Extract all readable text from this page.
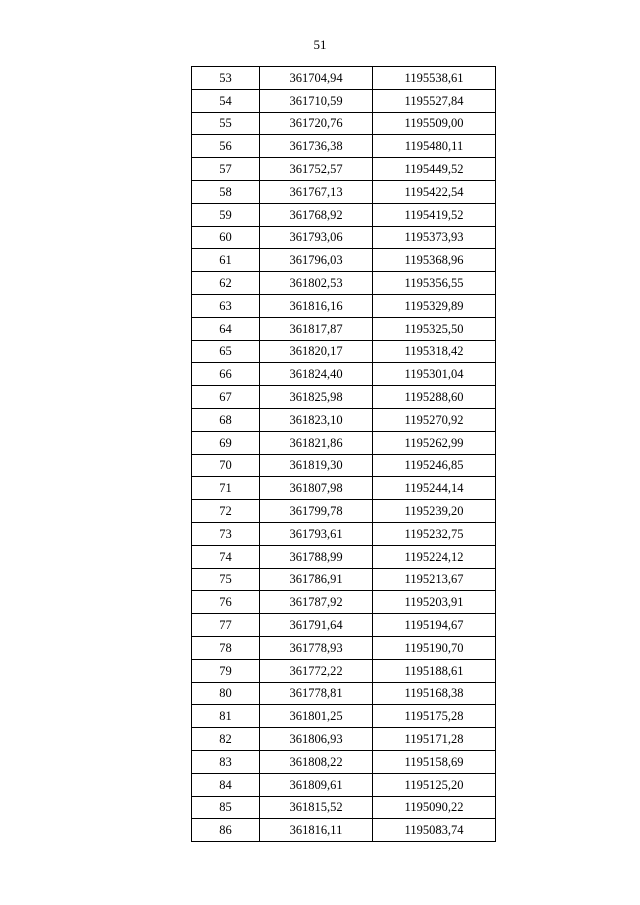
51
53	361704,94	1195538,61
54	361710,59	1195527,84
55	361720,76	1195509,00
56	361736,38	1195480,11
57	361752,57	1195449,52
58	361767,13	1195422,54
59	361768,92	1195419,52
60	361793,06	1195373,93
61	361796,03	1195368,96
62	361802,53	1195356,55
63	361816,16	1195329,89
64	361817,87	1195325,50
65	361820,17	1195318,42
66	361824,40	1195301,04
67	361825,98	1195288,60
68	361823,10	1195270,92
69	361821,86	1195262,99
70	361819,30	1195246,85
71	361807,98	1195244,14
72	361799,78	1195239,20
73	361793,61	1195232,75
74	361788,99	1195224,12
75	361786,91	1195213,67
76	361787,92	1195203,91
77	361791,64	1195194,67
78	361778,93	1195190,70
79	361772,22	1195188,61
80	361778,81	1195168,38
81	361801,25	1195175,28
82	361806,93	1195171,28
83	361808,22	1195158,69
84	361809,61	1195125,20
85	361815,52	1195090,22
86	361816,11	1195083,74
